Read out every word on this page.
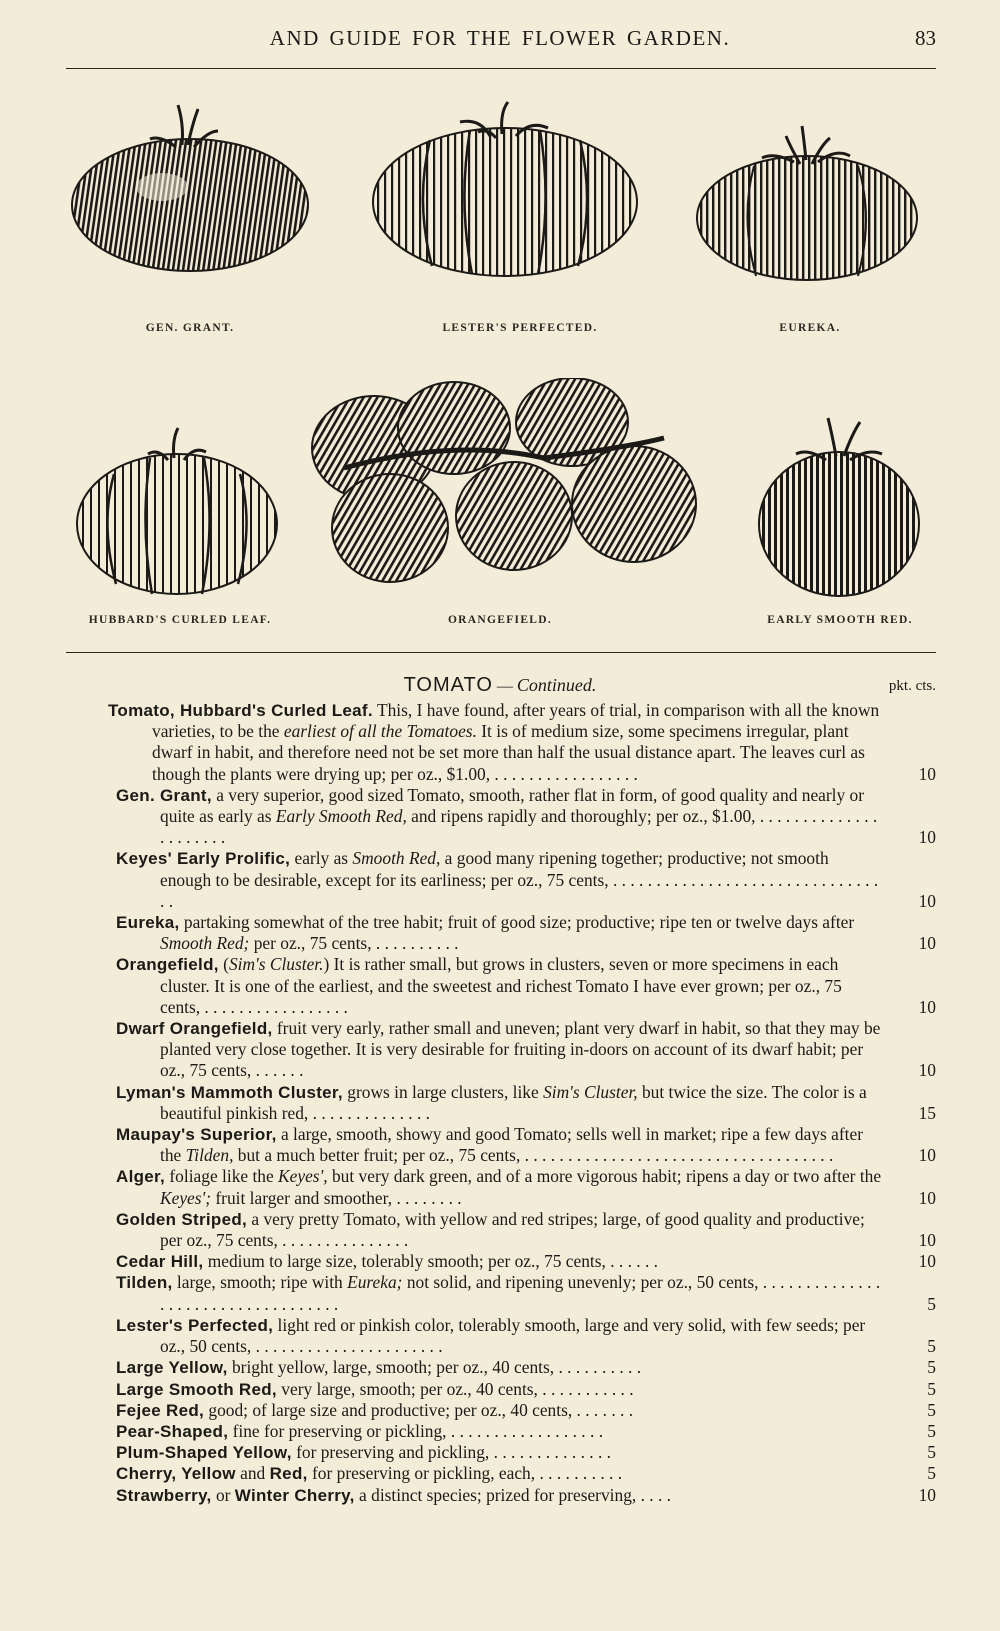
AND GUIDE FOR THE FLOWER GARDEN.	83
GEN. GRANT.	LESTER'S PERFECTED.	EUREKA.
HUBBARD'S CURLED LEAF.	ORANGEFIELD.	EARLY SMOOTH RED.
TOMATO — Continued.	pkt. cts.
Tomato, Hubbard's Curled Leaf. This, I have found, after years of trial, in comparison with all the known varieties, to be the earliest of all the Tomatoes. It is of medium size, some specimens irregular, plant dwarf in habit, and therefore need not be set more than half the usual distance apart. The leaves curl as though the plants were drying up; per oz., $1.00, . . . . . . . . . . . . . . . . .	10
Gen. Grant, a very superior, good sized Tomato, smooth, rather flat in form, of good quality and nearly or quite as early as Early Smooth Red, and ripens rapidly and thoroughly; per oz., $1.00, . . . . . . . . . . . . . . . . . . . . . .	10
Keyes' Early Prolific, early as Smooth Red, a good many ripening together; productive; not smooth enough to be desirable, except for its earliness; per oz., 75 cents, . . . . . . . . . . . . . . . . . . . . . . . . . . . . . . . . .	10
Eureka, partaking somewhat of the tree habit; fruit of good size; productive; ripe ten or twelve days after Smooth Red; per oz., 75 cents, . . . . . . . . . .	10
Orangefield, (Sim's Cluster.) It is rather small, but grows in clusters, seven or more specimens in each cluster. It is one of the earliest, and the sweetest and richest Tomato I have ever grown; per oz., 75 cents, . . . . . . . . . . . . . . . . .	10
Dwarf Orangefield, fruit very early, rather small and uneven; plant very dwarf in habit, so that they may be planted very close together. It is very desirable for fruiting in-doors on account of its dwarf habit; per oz., 75 cents, . . . . . .	10
Lyman's Mammoth Cluster, grows in large clusters, like Sim's Cluster, but twice the size. The color is a beautiful pinkish red, . . . . . . . . . . . . . .	15
Maupay's Superior, a large, smooth, showy and good Tomato; sells well in market; ripe a few days after the Tilden, but a much better fruit; per oz., 75 cents, . . . . . . . . . . . . . . . . . . . . . . . . . . . . . . . . . . . .	10
Alger, foliage like the Keyes', but very dark green, and of a more vigorous habit; ripens a day or two after the Keyes'; fruit larger and smoother, . . . . . . . .	10
Golden Striped, a very pretty Tomato, with yellow and red stripes; large, of good quality and productive; per oz., 75 cents, . . . . . . . . . . . . . . .	10
Cedar Hill, medium to large size, tolerably smooth; per oz., 75 cents, . . . . . .	10
Tilden, large, smooth; ripe with Eureka; not solid, and ripening unevenly; per oz., 50 cents, . . . . . . . . . . . . . . . . . . . . . . . . . . . . . . . . . . .	5
Lester's Perfected, light red or pinkish color, tolerably smooth, large and very solid, with few seeds; per oz., 50 cents, . . . . . . . . . . . . . . . . . . . . . .	5
Large Yellow, bright yellow, large, smooth; per oz., 40 cents, . . . . . . . . . .	5
Large Smooth Red, very large, smooth; per oz., 40 cents, . . . . . . . . . . .	5
Fejee Red, good; of large size and productive; per oz., 40 cents, . . . . . . .	5
Pear-Shaped, fine for preserving or pickling, . . . . . . . . . . . . . . . . . .	5
Plum-Shaped Yellow, for preserving and pickling, . . . . . . . . . . . . . .	5
Cherry, Yellow and Red, for preserving or pickling, each, . . . . . . . . . .	5
Strawberry, or Winter Cherry, a distinct species; prized for preserving, . . . .	10
